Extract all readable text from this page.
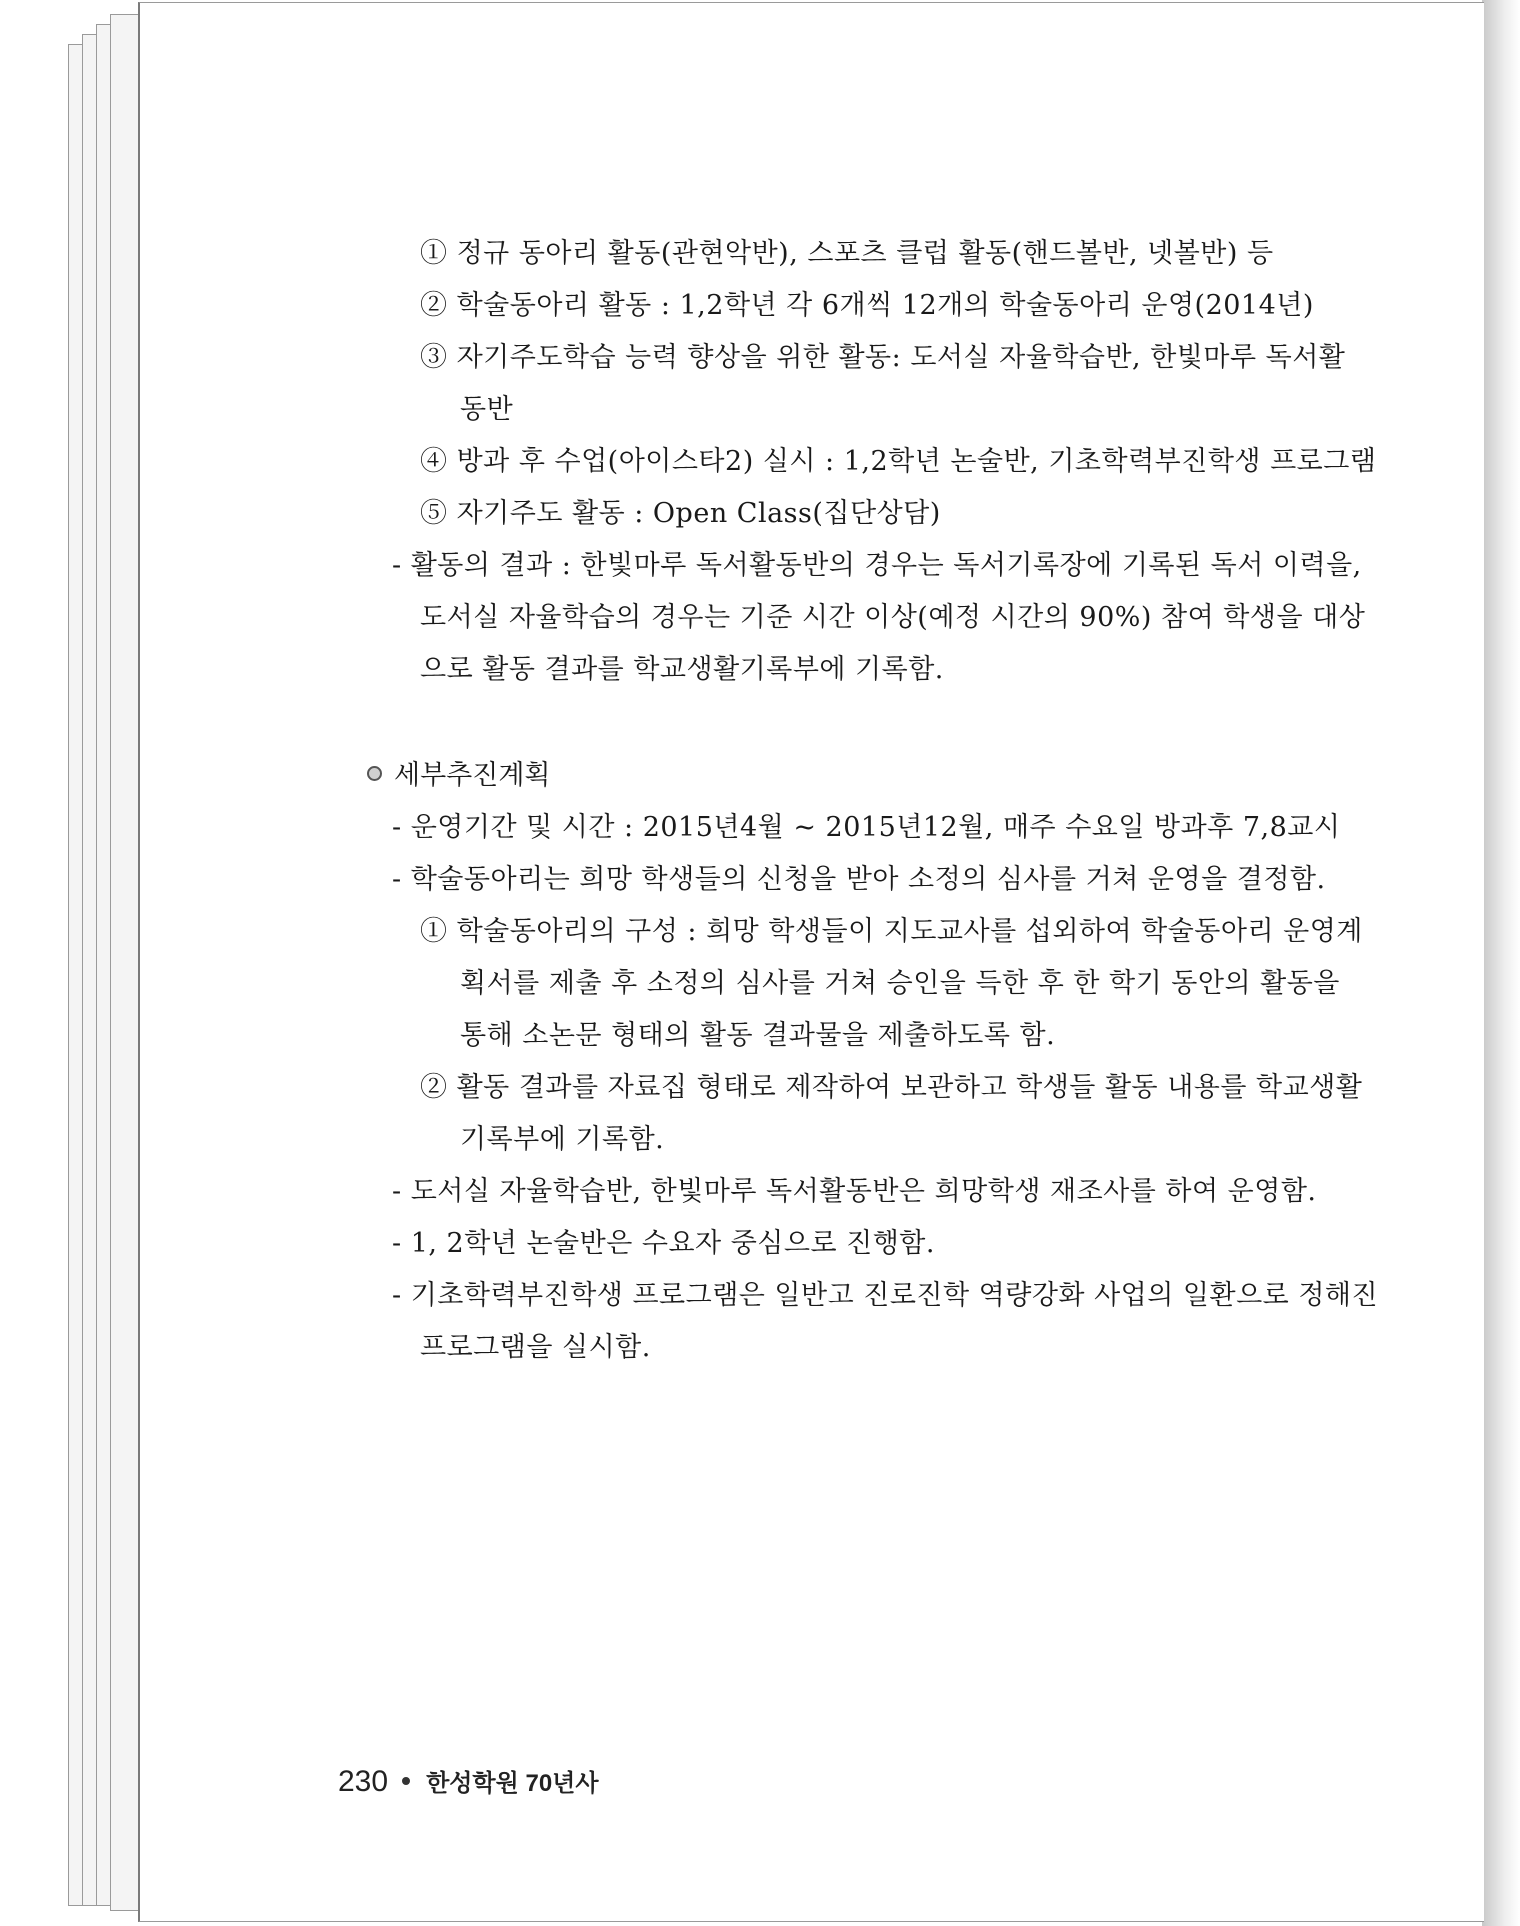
① 정규 동아리 활동(관현악반), 스포츠 클럽 활동(핸드볼반, 넷볼반) 등
② 학술동아리 활동 : 1,2학년 각 6개씩 12개의 학술동아리 운영(2014년)
③ 자기주도학습 능력 향상을 위한 활동: 도서실 자율학습반, 한빛마루 독서활
동반
④ 방과 후 수업(아이스타2) 실시 : 1,2학년 논술반, 기초학력부진학생 프로그램
⑤ 자기주도 활동 : Open Class(집단상담)
- 활동의 결과 : 한빛마루 독서활동반의 경우는 독서기록장에 기록된 독서 이력을,
도서실 자율학습의 경우는 기준 시간 이상(예정 시간의 90%) 참여 학생을 대상
으로 활동 결과를 학교생활기록부에 기록함.
세부추진계획
- 운영기간 및 시간 : 2015년4월 ~ 2015년12월, 매주 수요일 방과후 7,8교시
- 학술동아리는 희망 학생들의 신청을 받아 소정의 심사를 거쳐 운영을 결정함.
① 학술동아리의 구성 : 희망 학생들이 지도교사를 섭외하여 학술동아리 운영계
획서를 제출 후 소정의 심사를 거쳐 승인을 득한 후 한 학기 동안의 활동을
통해 소논문 형태의 활동 결과물을 제출하도록 함.
② 활동 결과를 자료집 형태로 제작하여 보관하고 학생들 활동 내용를 학교생활
기록부에 기록함.
- 도서실 자율학습반, 한빛마루 독서활동반은 희망학생 재조사를 하여 운영함.
- 1, 2학년 논술반은 수요자 중심으로 진행함.
- 기초학력부진학생 프로그램은 일반고 진로진학 역량강화 사업의 일환으로 정해진
프로그램을 실시함.
230 한성학원 70년사
